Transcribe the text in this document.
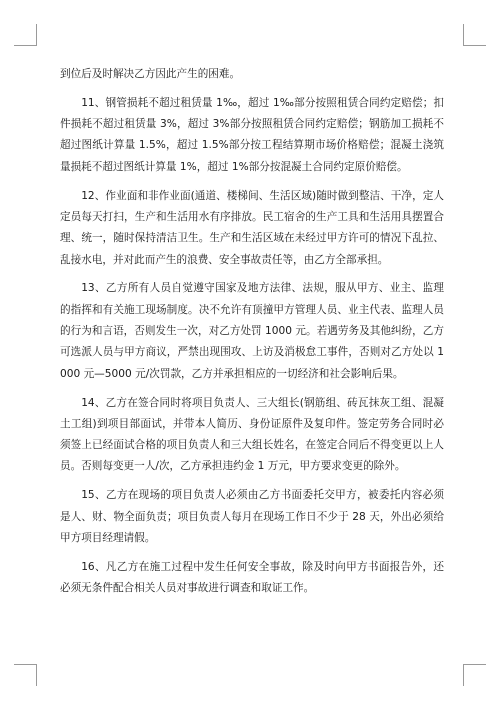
到位后及时解决乙方因此产生的困难。

11、钢管损耗不超过租赁量 1‰，超过 1‰部分按照租赁合同约定赔偿；扣件损耗不超过租赁量 3%，超过 3%部分按照租赁合同约定赔偿；钢筋加工损耗不超过图纸计算量 1.5%，超过 1.5%部分按工程结算期市场价格赔偿；混凝土浇筑量损耗不超过图纸计算量 1%，超过 1%部分按混凝土合同约定原价赔偿。

12、作业面和非作业面(通道、楼梯间、生活区域)随时做到整洁、干净，定人定员每天打扫，生产和生活用水有序排放。民工宿舍的生产工具和生活用具摆置合理、统一，随时保持清洁卫生。生产和生活区域在未经过甲方许可的情况下乱拉、乱接水电，并对此而产生的浪费、安全事故责任等，由乙方全部承担。

13、乙方所有人员自觉遵守国家及地方法律、法规，服从甲方、业主、监理的指挥和有关施工现场制度。决不允许有顶撞甲方管理人员、业主代表、监理人员的行为和言语，否则发生一次，对乙方处罚 1000 元。若遇劳务及其他纠纷，乙方可选派人员与甲方商议，严禁出现围攻、上访及消极怠工事件，否则对乙方处以 1000 元—5000 元/次罚款，乙方并承担相应的一切经济和社会影响后果。

14、乙方在签合同时将项目负责人、三大组长(钢筋组、砖瓦抹灰工组、混凝土工组)到项目部面试，并带本人简历、身份证原件及复印件。签定劳务合同时必须签上已经面试合格的项目负责人和三大组长姓名，在签定合同后不得变更以上人员。否则每变更一人/次，乙方承担违约金 1 万元，甲方要求变更的除外。

15、乙方在现场的项目负责人必须由乙方书面委托交甲方，被委托内容必须是人、财、物全面负责；项目负责人每月在现场工作日不少于 28 天，外出必须给甲方项目经理请假。

16、凡乙方在施工过程中发生任何安全事故，除及时向甲方书面报告外，还必须无条件配合相关人员对事故进行调查和取证工作。
